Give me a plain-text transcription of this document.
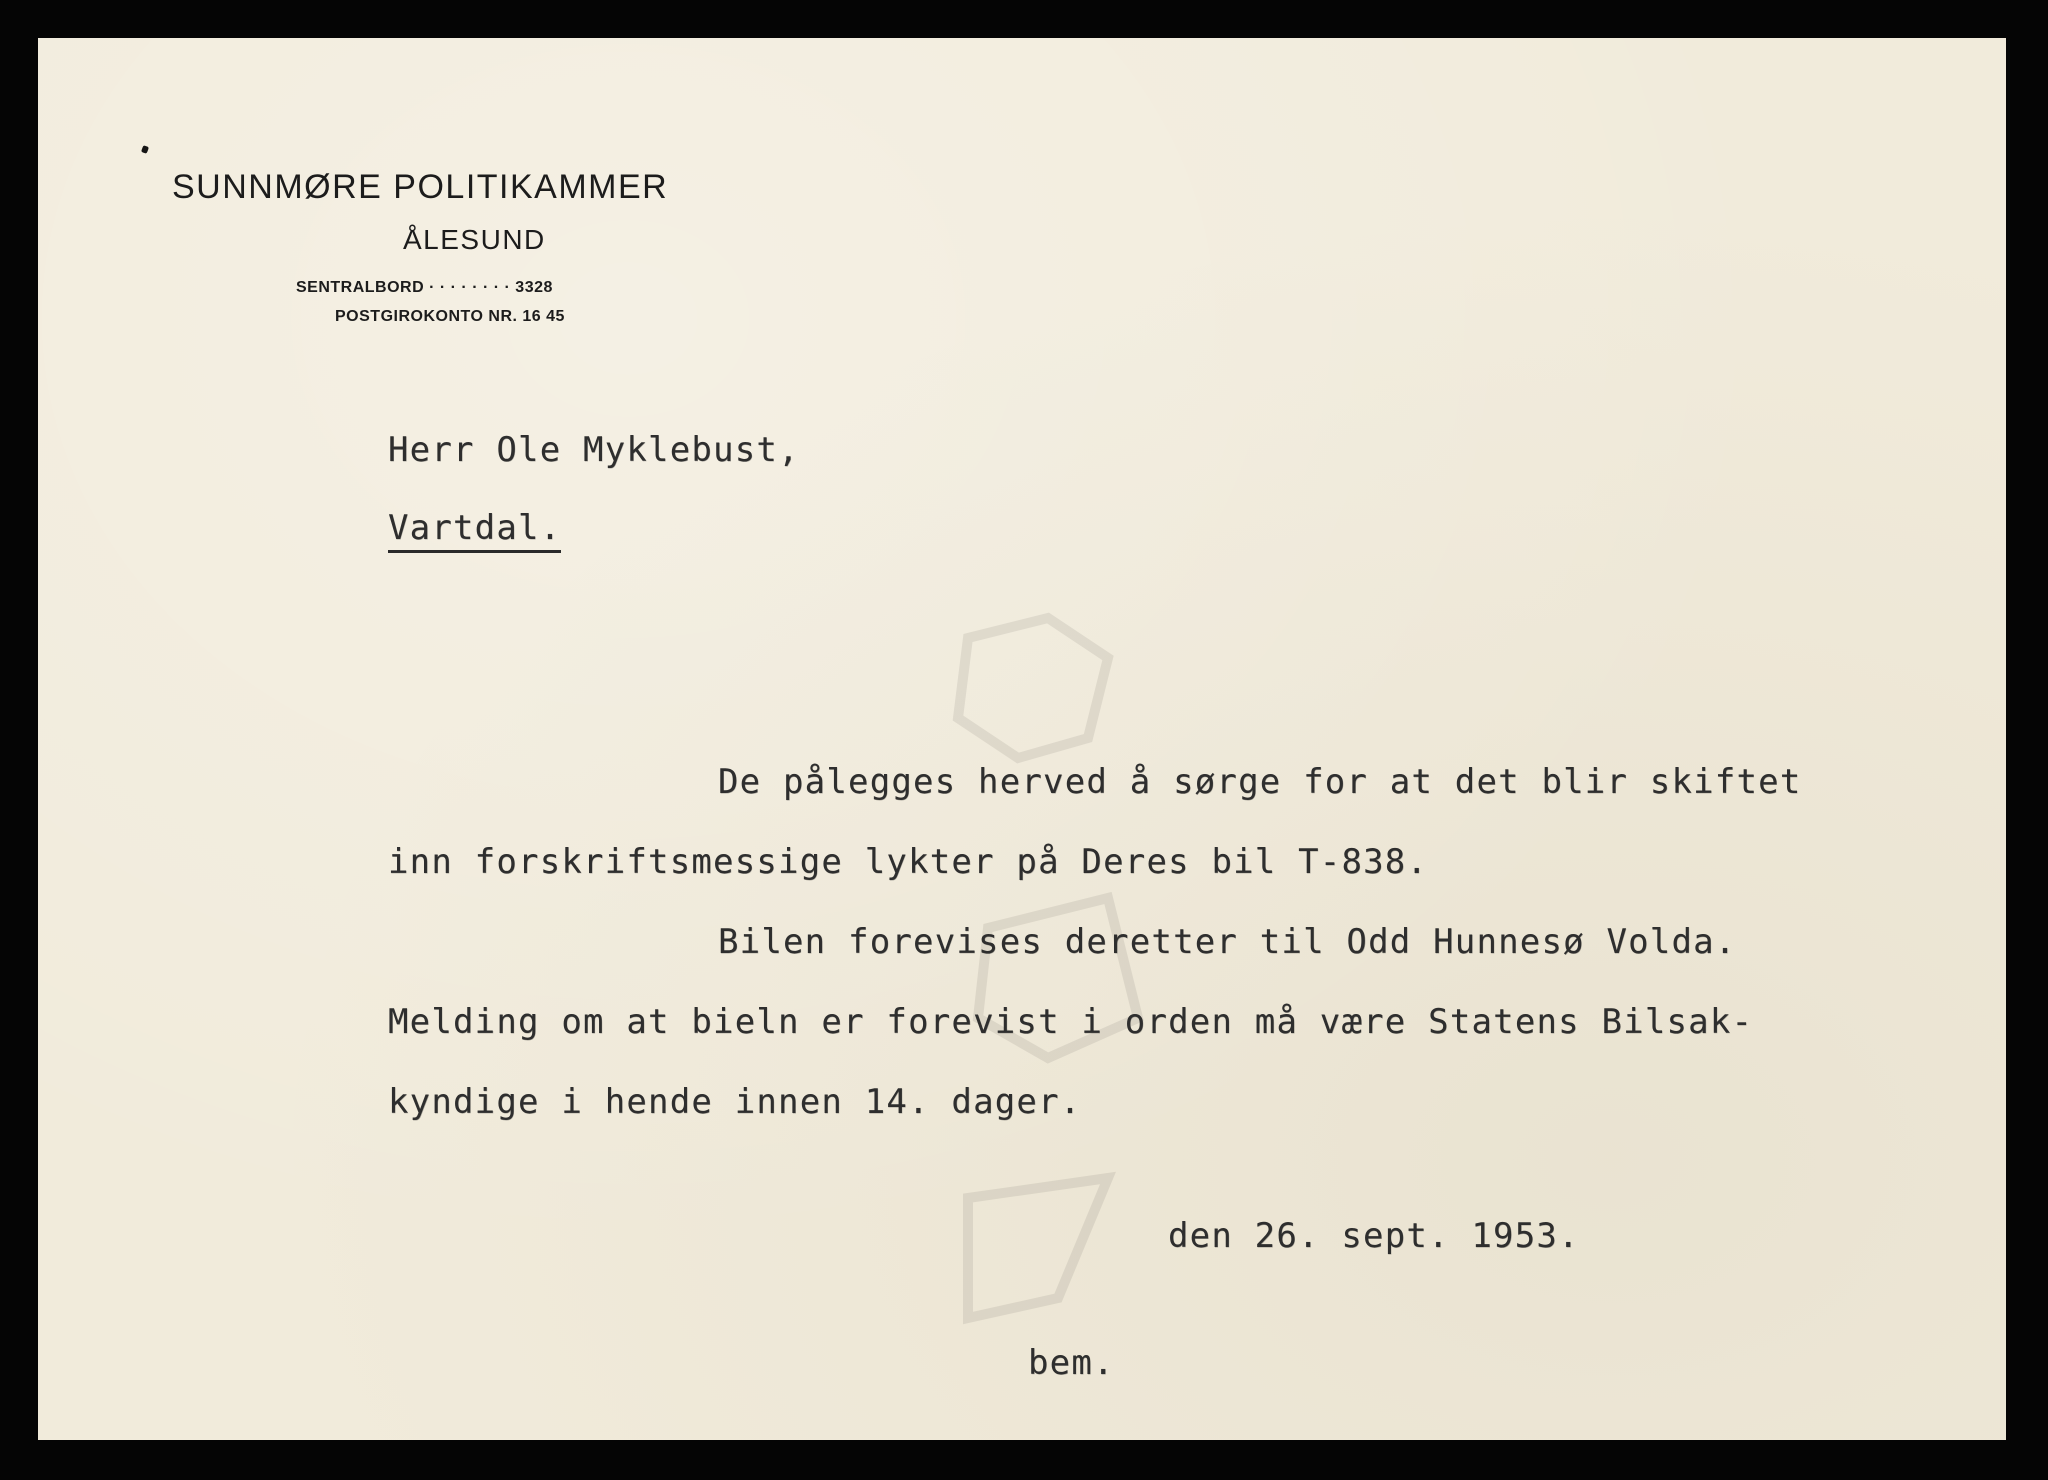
SUNNMØRE POLITIKAMMER
ÅLESUND
SENTRALBORD · · · · · · · · 3328
POSTGIROKONTO NR. 16 45
Herr Ole Myklebust,
Vartdal.
De pålegges herved å sørge for at det blir skiftet
inn forskriftsmessige lykter på Deres bil T-838.
Bilen forevises deretter til Odd Hunnesø Volda.
Melding om at bieln er forevist i orden må være Statens Bilsak-
kyndige i hende innen 14. dager.
den 26. sept. 1953.
bem.
